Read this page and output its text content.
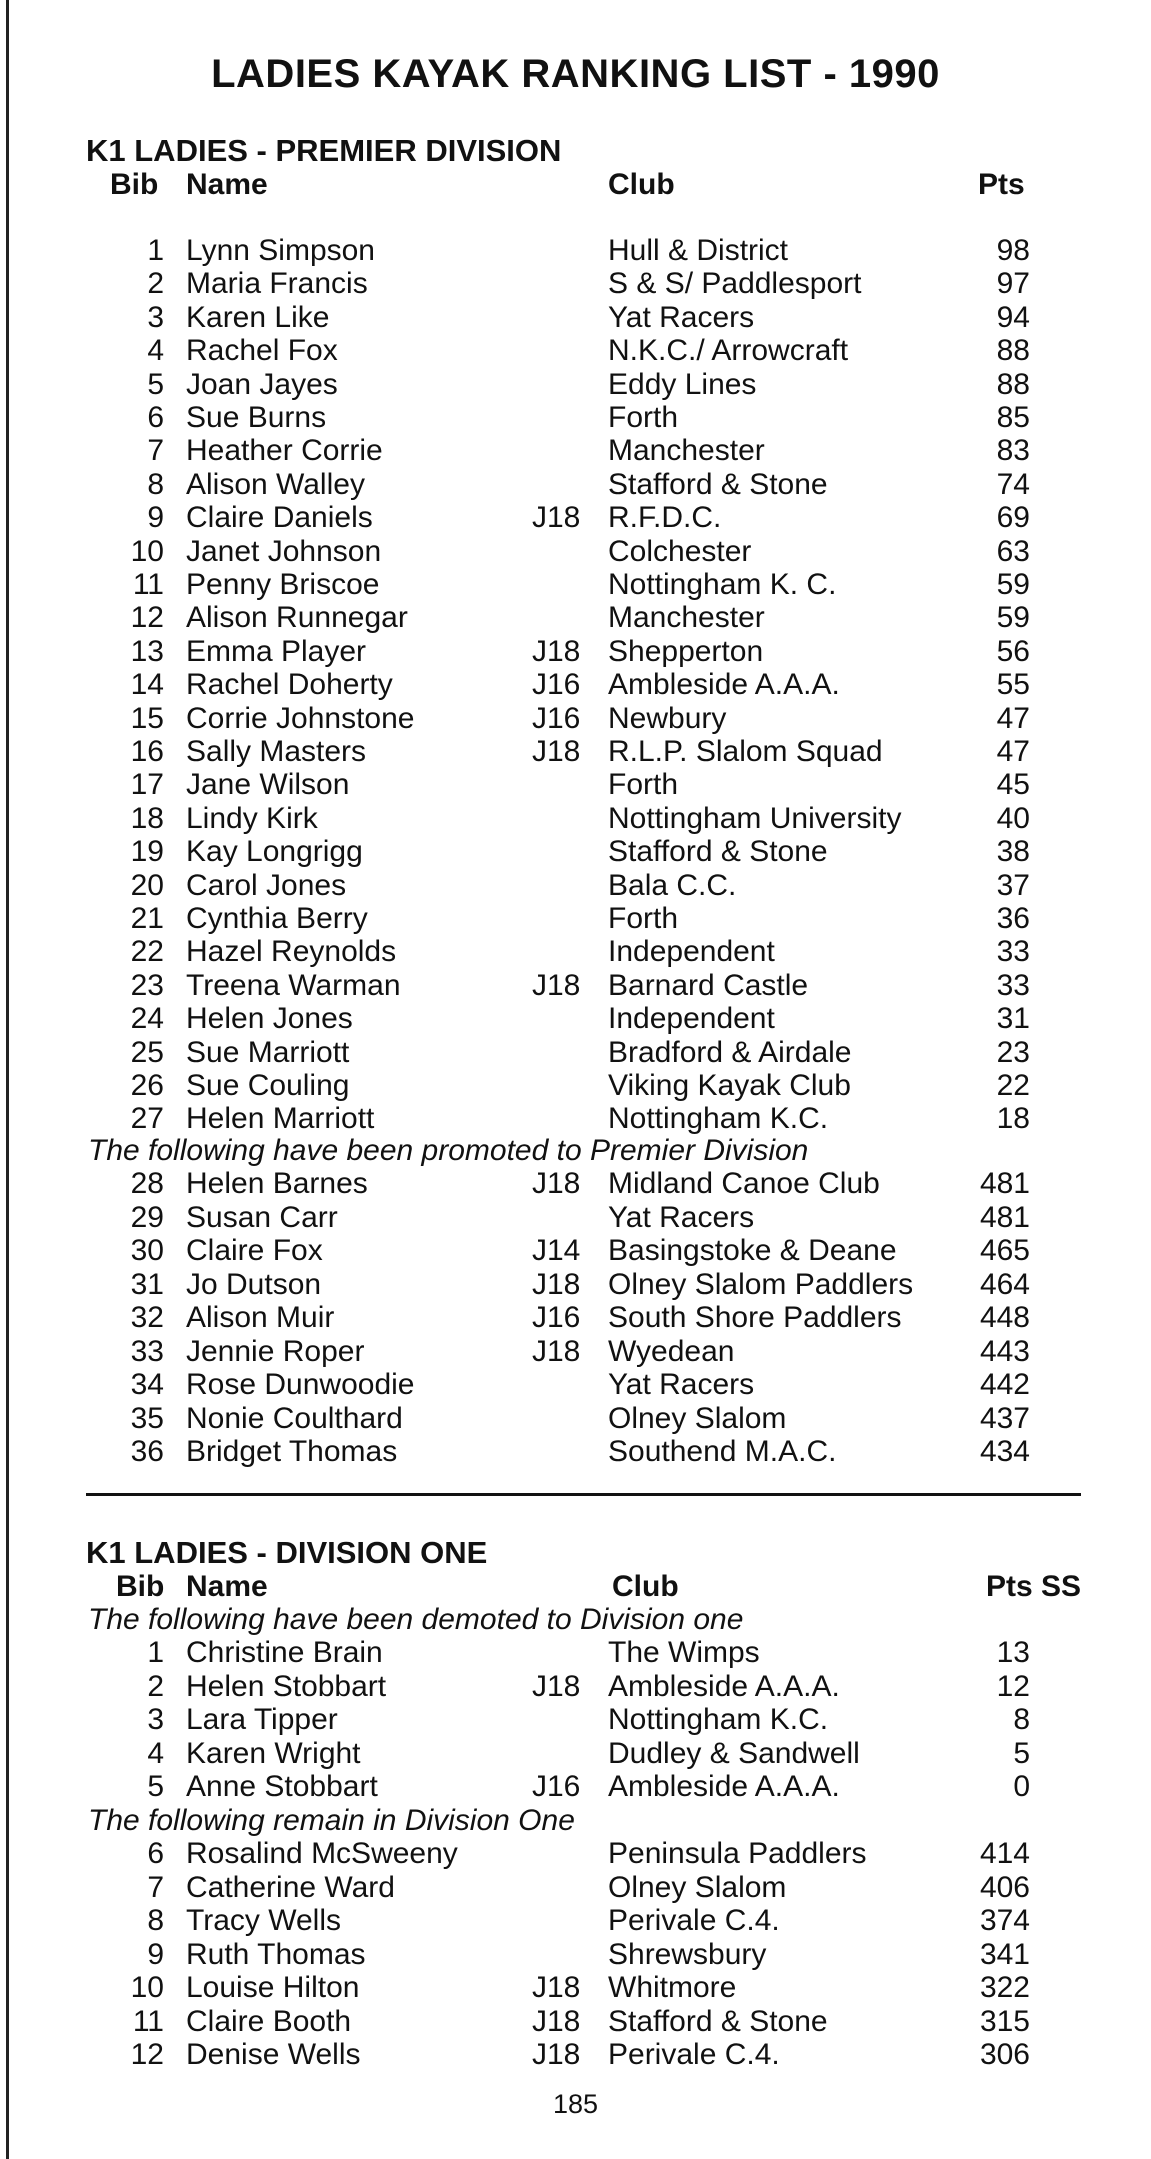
LADIES KAYAK RANKING LIST - 1990
K1 LADIES - PREMIER DIVISION
Bib Name	Club	Pts
1 Lynn Simpson	Hull & District	98
2 Maria Francis	S & S/ Paddlesport	97
3 Karen Like	Yat Racers	94
4 Rachel Fox	N.K.C./ Arrowcraft	88
5 Joan Jayes	Eddy Lines	88
6 Sue Burns	Forth	85
7 Heather Corrie	Manchester	83
8 Alison Walley	Stafford & Stone	74
9 Claire Daniels	J18 R.F.D.C.	69
10 Janet Johnson	Colchester	63
11 Penny Briscoe	Nottingham K. C.	59
12 Alison Runnegar	Manchester	59
13 Emma Player	J18 Shepperton	56
14 Rachel Doherty	J16 Ambleside A.A.A.	55
15 Corrie Johnstone	J16 Newbury	47
16 Sally Masters	J18 R.L.P. Slalom Squad	47
17 Jane Wilson	Forth	45
18 Lindy Kirk	Nottingham University	40
19 Kay Longrigg	Stafford & Stone	38
20 Carol Jones	Bala C.C.	37
21 Cynthia Berry	Forth	36
22 Hazel Reynolds	Independent	33
23 Treena Warman	J18 Barnard Castle	33
24 Helen Jones	Independent	31
25 Sue Marriott	Bradford & Airdale	23
26 Sue Couling	Viking Kayak Club	22
27 Helen Marriott	Nottingham K.C.	18
The following have been promoted to Premier Division
28 Helen Barnes	J18 Midland Canoe Club	481
29 Susan Carr	Yat Racers	481
30 Claire Fox	J14 Basingstoke & Deane	465
31 Jo Dutson	J18 Olney Slalom Paddlers	464
32 Alison Muir	J16 South Shore Paddlers	448
33 Jennie Roper	J18 Wyedean	443
34 Rose Dunwoodie	Yat Racers	442
35 Nonie Coulthard	Olney Slalom	437
36 Bridget Thomas	Southend M.A.C.	434
K1 LADIES - DIVISION ONE
Bib Name	Club	Pts SS
The following have been demoted to Division one
1 Christine Brain	The Wimps	13
2 Helen Stobbart	J18 Ambleside A.A.A.	12
3 Lara Tipper	Nottingham K.C.	8
4 Karen Wright	Dudley & Sandwell	5
5 Anne Stobbart	J16 Ambleside A.A.A.	0
The following remain in Division One
6 Rosalind McSweeny	Peninsula Paddlers	414
7 Catherine Ward	Olney Slalom	406
8 Tracy Wells	Perivale C.4.	374
9 Ruth Thomas	Shrewsbury	341
10 Louise Hilton	J18 Whitmore	322
11 Claire Booth	J18 Stafford & Stone	315
12 Denise Wells	J18 Perivale C.4.	306
185
